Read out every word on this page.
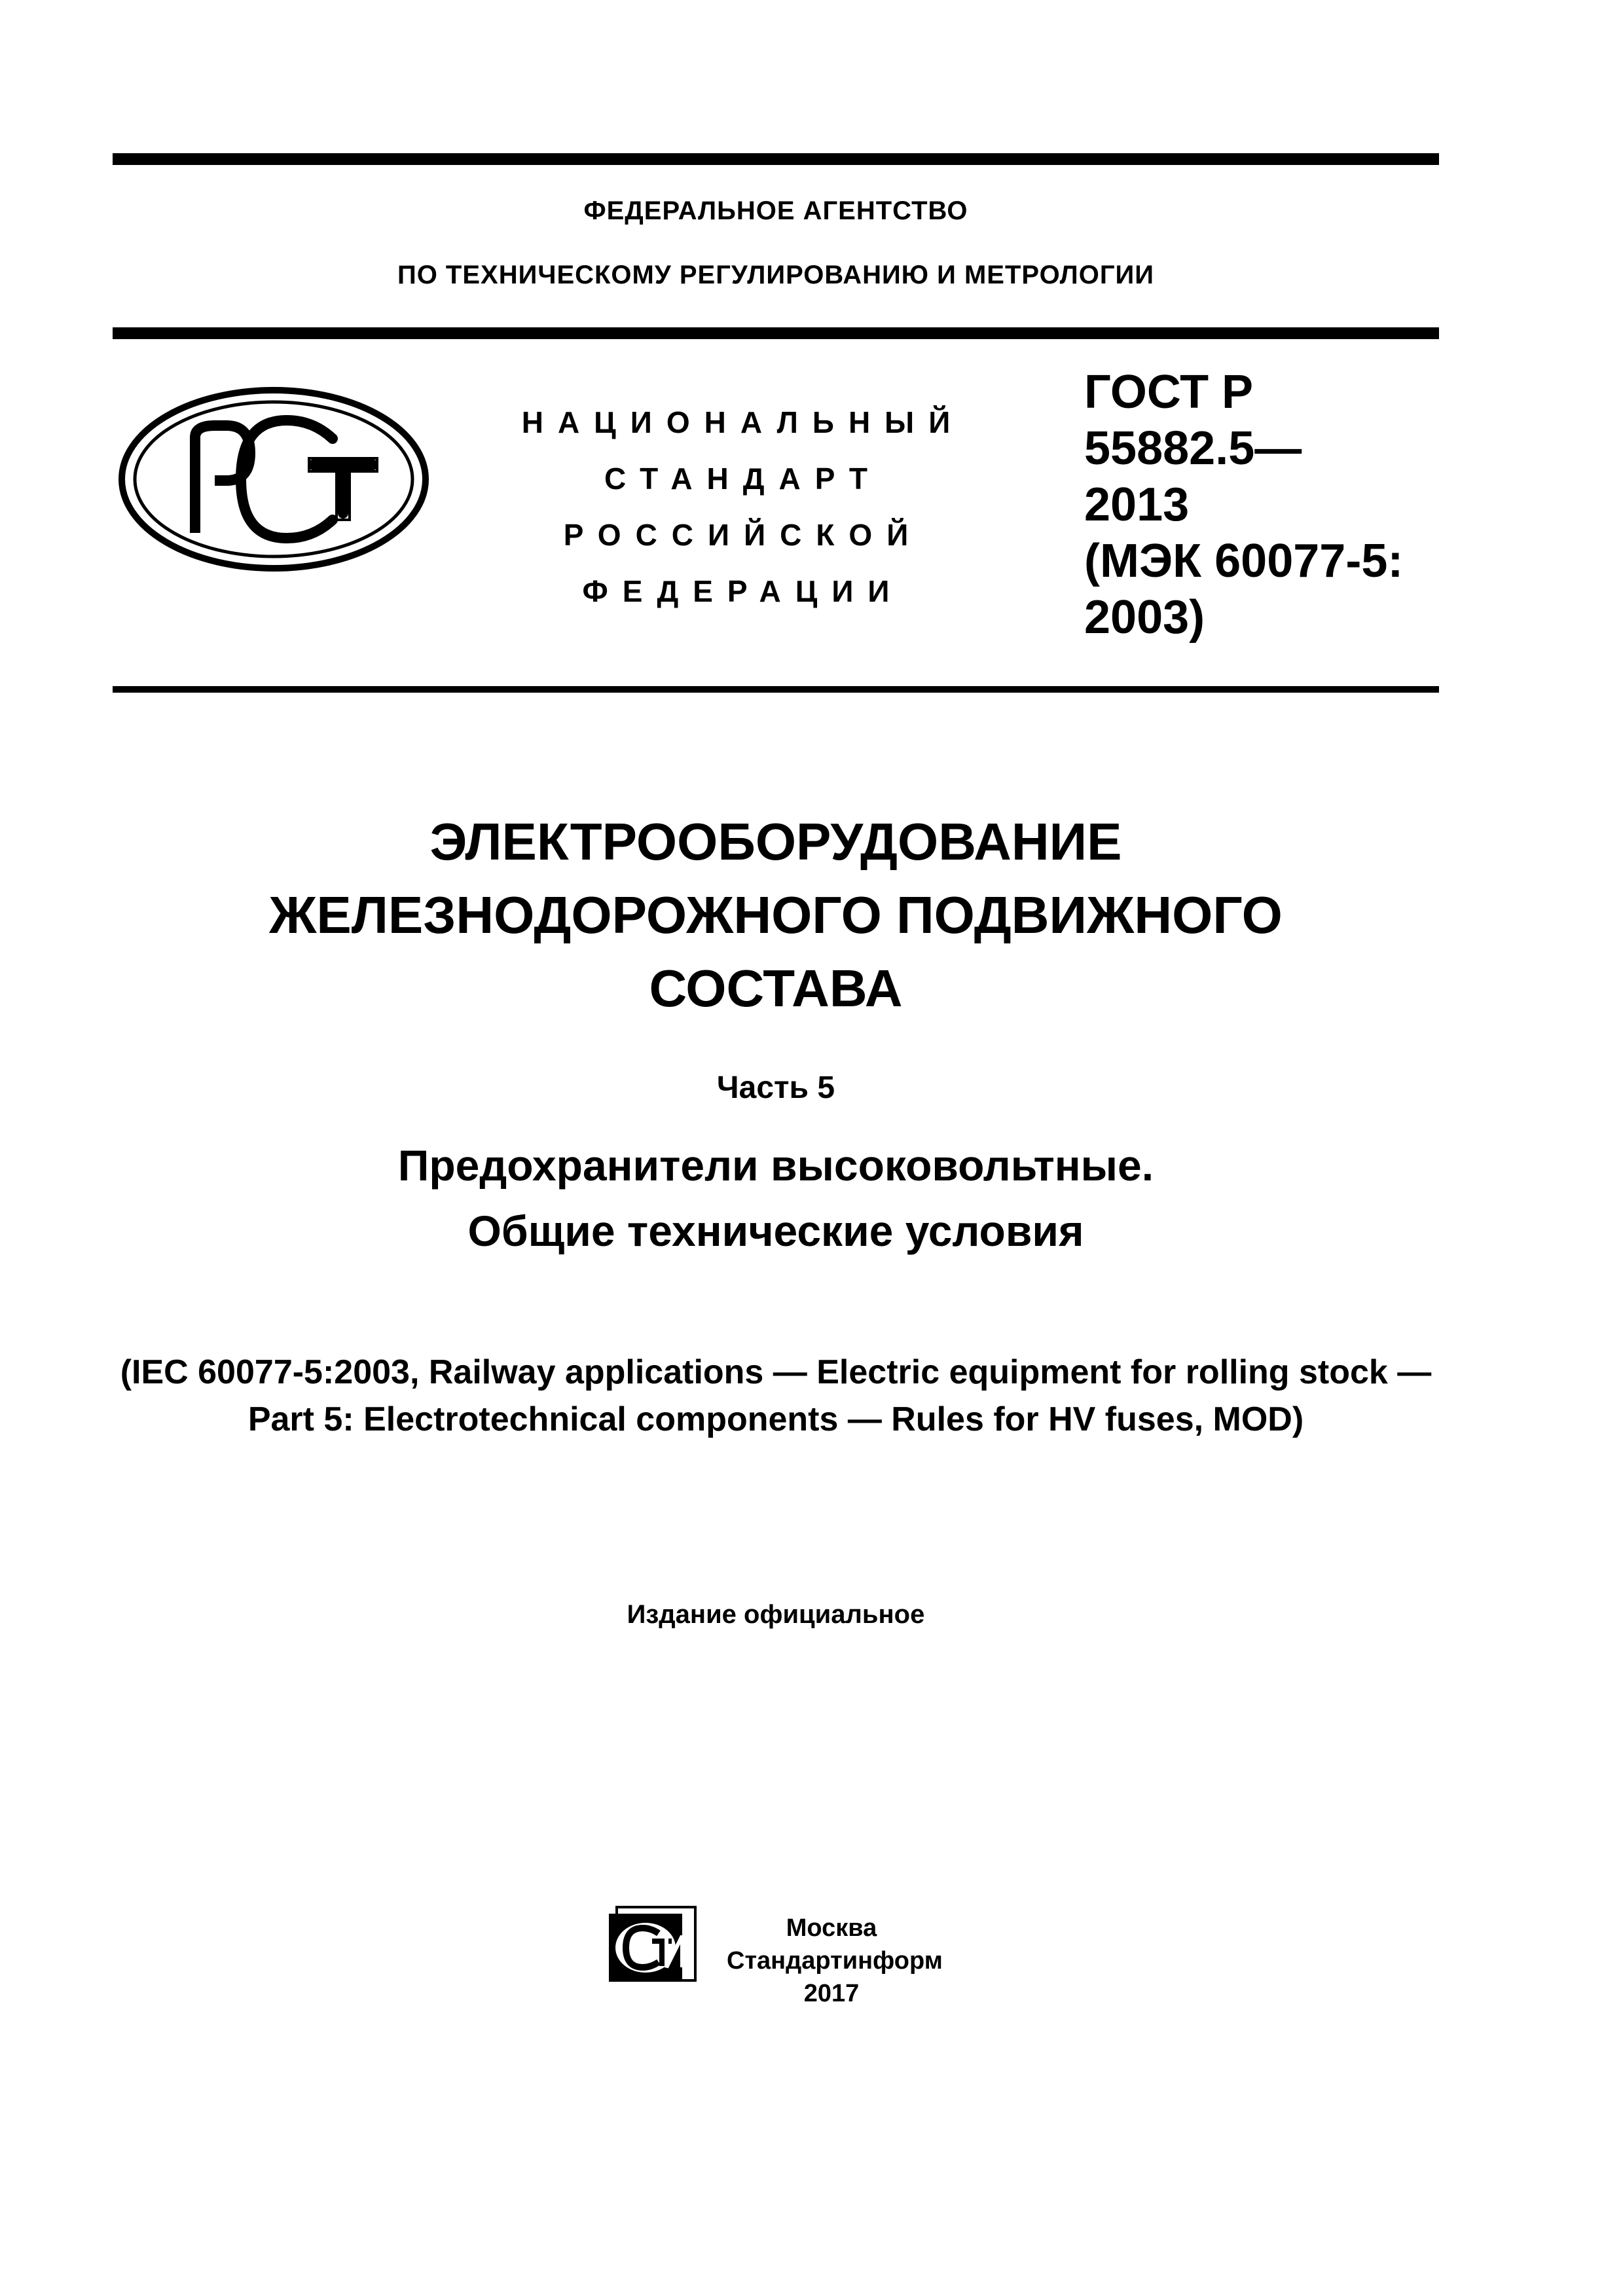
ФЕДЕРАЛЬНОЕ АГЕНТСТВО
ПО ТЕХНИЧЕСКОМУ РЕГУЛИРОВАНИЮ И МЕТРОЛОГИИ
НАЦИОНАЛЬНЫЙ
СТАНДАРТ
РОССИЙСКОЙ
ФЕДЕРАЦИИ
ГОСТ Р
55882.5—
2013
(МЭК 60077-5:
2003)
ЭЛЕКТРООБОРУДОВАНИЕ
ЖЕЛЕЗНОДОРОЖНОГО ПОДВИЖНОГО
СОСТАВА
Часть 5
Предохранители высоковольтные.
Общие технические условия
(IEC 60077-5:2003, Railway applications — Electric equipment for rolling stock —
Part 5: Electrotechnical components — Rules for HV fuses, MOD)
Издание официальное
Москва
Стандартинформ
2017
